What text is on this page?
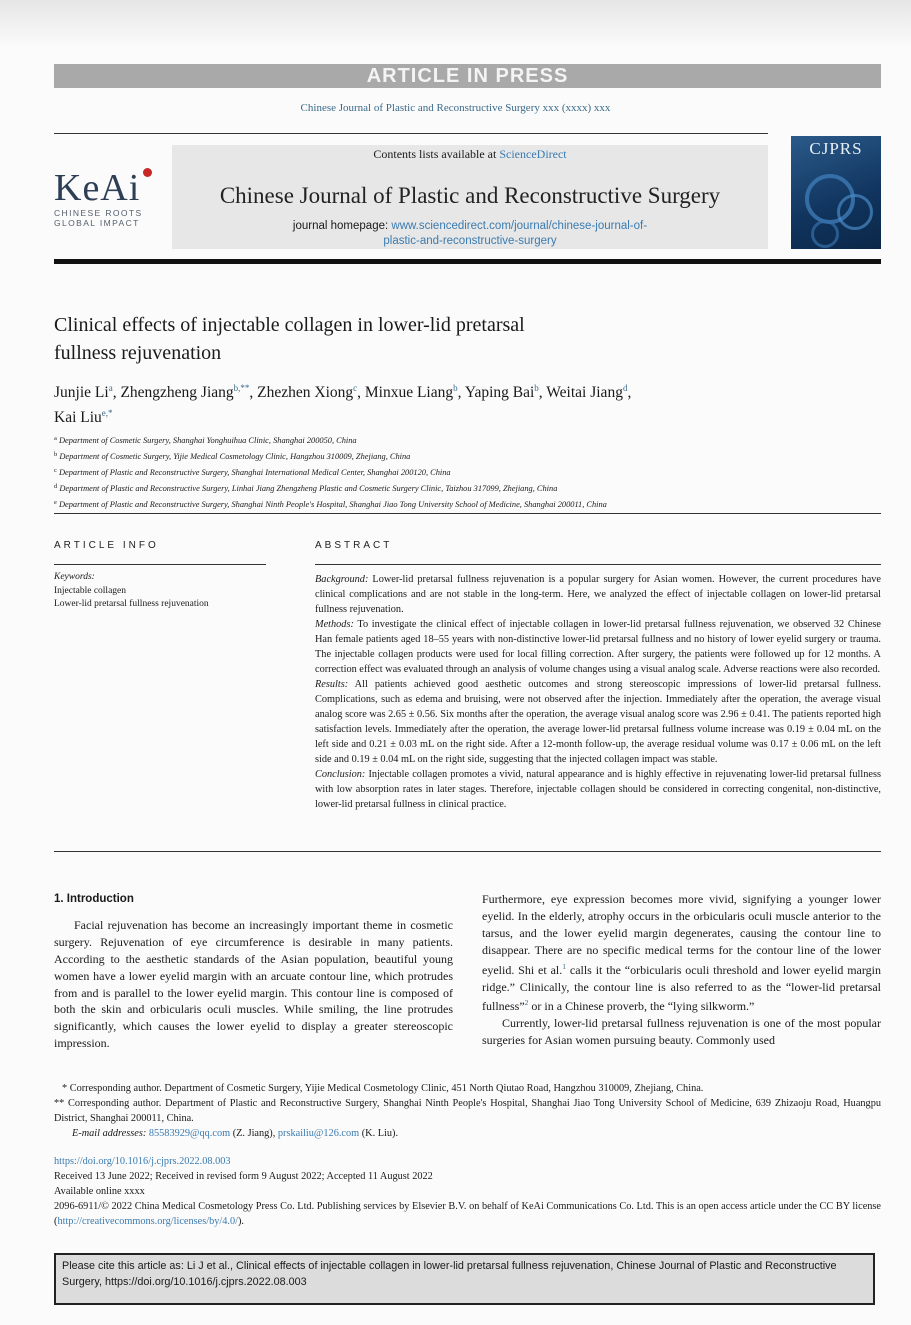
ARTICLE IN PRESS
Chinese Journal of Plastic and Reconstructive Surgery xxx (xxxx) xxx
KeAi
CHINESE ROOTS
GLOBAL IMPACT
Contents lists available at ScienceDirect
Chinese Journal of Plastic and Reconstructive Surgery
journal homepage: www.sciencedirect.com/journal/chinese-journal-of-plastic-and-reconstructive-surgery
CJPRS
Clinical effects of injectable collagen in lower-lid pretarsal
fullness rejuvenation
Junjie Li$^a$, Zhengzheng Jiang$^{b,**}$, Zhezhen Xiong$^c$, Minxue Liang$^b$, Yaping Bai$^b$, Weitai Jiang$^d$,
Kai Liu$^{e,*}$
$^a$ Department of Cosmetic Surgery, Shanghai Yonghuihua Clinic, Shanghai 200050, China
$^b$ Department of Cosmetic Surgery, Yijie Medical Cosmetology Clinic, Hangzhou 310009, Zhejiang, China
$^c$ Department of Plastic and Reconstructive Surgery, Shanghai International Medical Center, Shanghai 200120, China
$^d$ Department of Plastic and Reconstructive Surgery, Linhai Jiang Zhengzheng Plastic and Cosmetic Surgery Clinic, Taizhou 317099, Zhejiang, China
$^e$ Department of Plastic and Reconstructive Surgery, Shanghai Ninth People's Hospital, Shanghai Jiao Tong University School of Medicine, Shanghai 200011, China
ARTICLE INFO	ABSTRACT
Keywords:
Injectable collagen
Lower-lid pretarsal fullness rejuvenation

Background: Lower-lid pretarsal fullness rejuvenation is a popular surgery for Asian women. However, the current procedures have clinical complications and are not stable in the long-term. Here, we analyzed the effect of injectable collagen on lower-lid pretarsal fullness rejuvenation.

Methods: To investigate the clinical effect of injectable collagen in lower-lid pretarsal fullness rejuvenation, we observed 32 Chinese Han female patients aged 18–55 years with non-distinctive lower-lid pretarsal fullness and no history of lower eyelid surgery or trauma. The injectable collagen products were used for local filling correction. After surgery, the patients were followed up for 12 months. A correction effect was evaluated through an analysis of volume changes using a visual analog scale. Adverse reactions were also recorded.

Results: All patients achieved good aesthetic outcomes and strong stereoscopic impressions of lower-lid pretarsal fullness. Complications, such as edema and bruising, were not observed after the injection. Immediately after the operation, the average visual analog score was 2.65 ± 0.56. Six months after the operation, the average visual analog score was 2.96 ± 0.41. The patients reported high satisfaction levels. Immediately after the operation, the average lower-lid pretarsal fullness volume increase was 0.19 ± 0.04 mL on the left side and 0.21 ± 0.03 mL on the right side. After a 12-month follow-up, the average residual volume was 0.17 ± 0.06 mL on the left side and 0.19 ± 0.04 mL on the right side, suggesting that the injected collagen impact was stable.

Conclusion: Injectable collagen promotes a vivid, natural appearance and is highly effective in rejuvenating lower-lid pretarsal fullness with low absorption rates in later stages. Therefore, injectable collagen should be considered in correcting congenital, non-distinctive, lower-lid pretarsal fullness in clinical practice.

1. Introduction

Facial rejuvenation has become an increasingly important theme in cosmetic surgery. Rejuvenation of eye circumference is desirable in many patients. According to the aesthetic standards of the Asian population, beautiful young women have a lower eyelid margin with an arcuate contour line, which protrudes from and is parallel to the lower eyelid margin. This contour line is composed of both the skin and orbicularis oculi muscles. While smiling, the line protrudes significantly, which causes the lower eyelid to display a greater stereoscopic impression.

Furthermore, eye expression becomes more vivid, signifying a younger lower eyelid. In the elderly, atrophy occurs in the orbicularis oculi muscle anterior to the tarsus, and the lower eyelid margin degenerates, causing the contour line to disappear. There are no specific medical terms for the contour line of the lower eyelid. Shi et al.$^1$ calls it the “orbicularis oculi threshold and lower eyelid margin ridge.” Clinically, the contour line is also referred to as the “lower-lid pretarsal fullness”$^2$ or in a Chinese proverb, the “lying silkworm.”

Currently, lower-lid pretarsal fullness rejuvenation is one of the most popular surgeries for Asian women pursuing beauty. Commonly used

* Corresponding author. Department of Cosmetic Surgery, Yijie Medical Cosmetology Clinic, 451 North Qiutao Road, Hangzhou 310009, Zhejiang, China.

** Corresponding author. Department of Plastic and Reconstructive Surgery, Shanghai Ninth People's Hospital, Shanghai Jiao Tong University School of Medicine, 639 Zhizaoju Road, Huangpu District, Shanghai 200011, China.

E-mail addresses: 85583929@qq.com (Z. Jiang), prskailiu@126.com (K. Liu).

https://doi.org/10.1016/j.cjprs.2022.08.003

Received 13 June 2022; Received in revised form 9 August 2022; Accepted 11 August 2022

Available online xxxx

2096-6911/© 2022 China Medical Cosmetology Press Co. Ltd. Publishing services by Elsevier B.V. on behalf of KeAi Communications Co. Ltd. This is an open access article under the CC BY license (http://creativecommons.org/licenses/by/4.0/).

Please cite this article as: Li J et al., Clinical effects of injectable collagen in lower-lid pretarsal fullness rejuvenation, Chinese Journal of Plastic and Reconstructive Surgery, https://doi.org/10.1016/j.cjprs.2022.08.003
